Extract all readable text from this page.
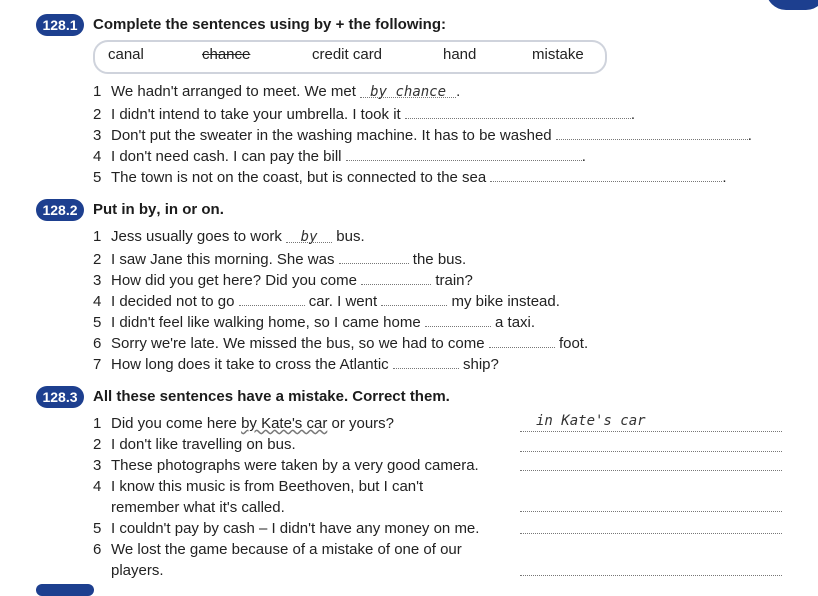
128.1	Complete the sentences using by + the following:
canal	chance	credit card	hand	mistake
1 We hadn't arranged to meet. We met by chance .
2 I didn't intend to take your umbrella. I took it	.
3 Don't put the sweater in the washing machine. It has to be washed	.
4 I don't need cash. I can pay the bill	.
5 The town is not on the coast, but is connected to the sea	.
128.2	Put in by, in or on.
1 Jess usually goes to work by bus.
2 I saw Jane this morning. She was	the bus.
3 How did you get here? Did you come	train?
4 I decided not to go	car. I went	my bike instead.
5 I didn't feel like walking home, so I came home	a taxi.
6 Sorry we're late. We missed the bus, so we had to come	foot.
7 How long does it take to cross the Atlantic	ship?
128.3	All these sentences have a mistake. Correct them.
1 Did you come here by Kate's car or yours?
2 I don't like travelling on bus.
3 These photographs were taken by a very good camera.
4 I know this music is from Beethoven, but I can't
remember what it's called.
5 I couldn't pay by cash – I didn't have any money on me.
6 We lost the game because of a mistake of one of our
players.
in Kate's car
